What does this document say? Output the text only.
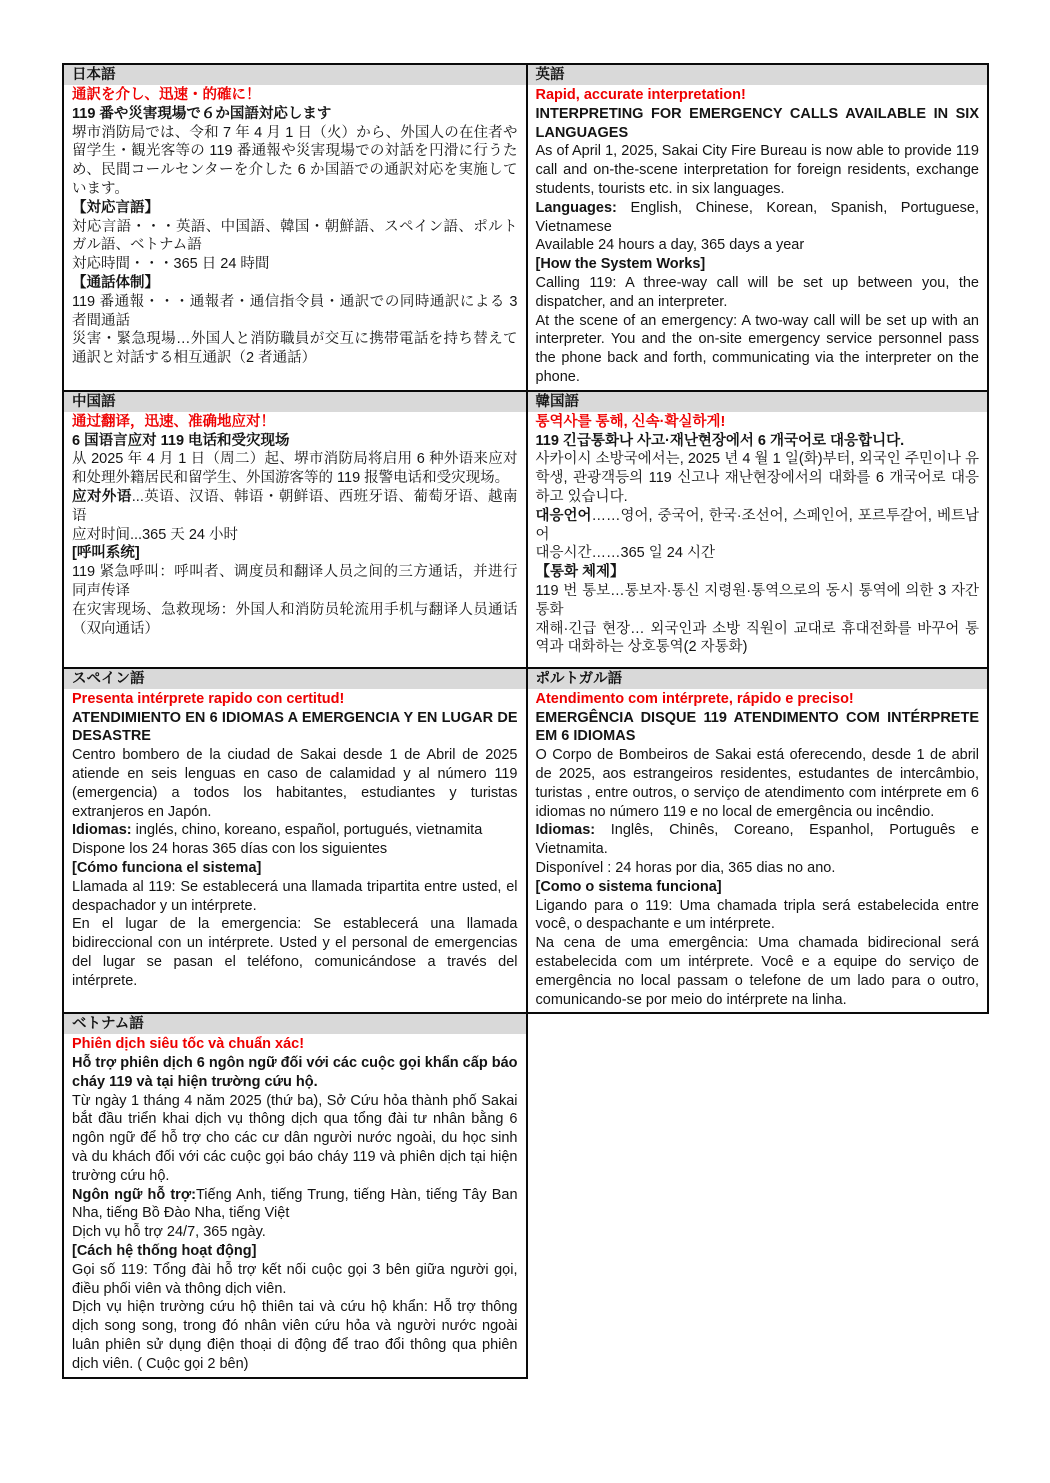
日本語

通訳を介し、迅速・的確に！

119 番や災害現場で６か国語対応します

堺市消防局では、令和 7 年 4 月 1 日（火）から、外国人の在住者や留学生・観光客等の 119 番通報や災害現場での対話を円滑に行うため、民間コールセンターを介した 6 か国語での通訳対応を実施しています。

【対応言語】

対応言語・・・英語、中国語、韓国・朝鮮語、スペイン語、ポルトガル語、ベトナム語

対応時間・・・365 日 24 時間

【通話体制】

119 番通報・・・通報者・通信指令員・通訳での同時通訳による 3 者間通話

災害・緊急現場…外国人と消防職員が交互に携帯電話を持ち替えて通訳と対話する相互通訳（2 者通話）

英語

Rapid, accurate interpretation!

INTERPRETING FOR EMERGENCY CALLS AVAILABLE IN SIX LANGUAGES

As of April 1, 2025, Sakai City Fire Bureau is now able to provide 119 call and on-the-scene interpretation for foreign residents, exchange students, tourists etc. in six languages.

Languages: English, Chinese, Korean, Spanish, Portuguese, Vietnamese

Available 24 hours a day, 365 days a year

[How the System Works]

Calling 119: A three-way call will be set up between you, the dispatcher, and an interpreter.

At the scene of an emergency: A two-way call will be set up with an interpreter. You and the on-site emergency service personnel pass the phone back and forth, communicating via the interpreter on the phone.

中国語

通过翻译，迅速、准确地应对！

6 国语言应对 119 电话和受灾现场

从 2025 年 4 月 1 日（周二）起、堺市消防局将启用 6 种外语来应对和处理外籍居民和留学生、外国游客等的 119 报警电话和受灾现场。

应对外语...英语、汉语、韩语・朝鲜语、西班牙语、葡萄牙语、越南语

应对时间...365 天 24 小时

[呼叫系统]

119 紧急呼叫：呼叫者、调度员和翻译人员之间的三方通话，并进行同声传译

在灾害现场、急救现场：外国人和消防员轮流用手机与翻译人员通话（双向通话）

韓国語

통역사를 통해, 신속·확실하게!

119 긴급통화나 사고·재난현장에서 6 개국어로 대응합니다.

사카이시 소방국에서는, 2025 년 4 월 1 일(화)부터, 외국인 주민이나 유학생, 관광객등의 119 신고나 재난현장에서의 대화를 6 개국어로 대응하고 있습니다.

대응언어……영어, 중국어, 한국·조선어, 스페인어, 포르투갈어, 베트남어

대응시간……365 일 24 시간

【통화 체제】

119 번 통보…통보자·통신 지령원·통역으로의 동시 통역에 의한 3 자간 통화

재해·긴급 현장… 외국인과 소방 직원이 교대로 휴대전화를 바꾸어 통역과 대화하는 상호통역(2 자통화)

スペイン語

Presenta intérprete rapido con certitud!

ATENDIMIENTO EN 6 IDIOMAS A EMERGENCIA Y EN LUGAR DE DESASTRE

Centro bombero de la ciudad de Sakai desde 1 de Abril de 2025 atiende en seis lenguas en caso de calamidad y al número 119 (emergencia) a todos los habitantes, estudiantes y turistas extranjeros en Japón.

Idiomas: inglés, chino, koreano, español, portugués, vietnamita

Dispone los 24 horas 365 días con los siguientes

[Cómo funciona el sistema]

Llamada al 119: Se establecerá una llamada tripartita entre usted, el despachador y un intérprete.

En el lugar de la emergencia: Se establecerá una llamada bidireccional con un intérprete. Usted y el personal de emergencias del lugar se pasan el teléfono, comunicándose a través del intérprete.

ポルトガル語

Atendimento com intérprete, rápido e preciso!

EMERGÊNCIA DISQUE 119 ATENDIMENTO COM INTÉRPRETE EM 6 IDIOMAS

O Corpo de Bombeiros de Sakai está oferecendo, desde 1 de abril de 2025, aos estrangeiros residentes, estudantes de intercâmbio, turistas , entre outros, o serviço de atendimento com intérprete em 6 idiomas no número 119 e no local de emergência ou incêndio.

Idiomas: Inglês, Chinês, Coreano, Espanhol, Português e Vietnamita.

Disponível : 24 horas por dia, 365 dias no ano.

[Como o sistema funciona]

Ligando para o 119: Uma chamada tripla será estabelecida entre você, o despachante e um intérprete.

Na cena de uma emergência: Uma chamada bidirecional será estabelecida com um intérprete. Você e a equipe do serviço de emergência no local passam o telefone de um lado para o outro, comunicando-se por meio do intérprete na linha.

ベトナム語

Phiên dịch siêu tốc và chuẩn xác!

Hỗ trợ phiên dịch 6 ngôn ngữ đối với các cuộc gọi khẩn cấp báo cháy 119 và tại hiện trường cứu hộ.

Từ ngày 1 tháng 4 năm 2025 (thứ ba), Sở Cứu hỏa thành phố Sakai bắt đầu triển khai dịch vụ thông dịch qua tổng đài tư nhân bằng 6 ngôn ngữ để hỗ trợ cho các cư dân người nước ngoài, du học sinh và du khách đối với các cuộc gọi báo cháy 119 và phiên dịch tại hiện trường cứu hộ.

Ngôn ngữ hỗ trợ:Tiếng Anh, tiếng Trung, tiếng Hàn, tiếng Tây Ban Nha, tiếng Bồ Đào Nha, tiếng Việt

Dịch vụ hỗ trợ 24/7, 365 ngày.

[Cách hệ thống hoạt động]

Gọi số 119: Tổng đài hỗ trợ kết nối cuộc gọi 3 bên giữa người gọi, điều phối viên và thông dịch viên.

Dịch vụ hiện trường cứu hộ thiên tai và cứu hộ khẩn: Hỗ trợ thông dịch song song, trong đó nhân viên cứu hỏa và người nước ngoài luân phiên sử dụng điện thoại di động để trao đổi thông qua phiên dịch viên. ( Cuộc gọi 2 bên)
